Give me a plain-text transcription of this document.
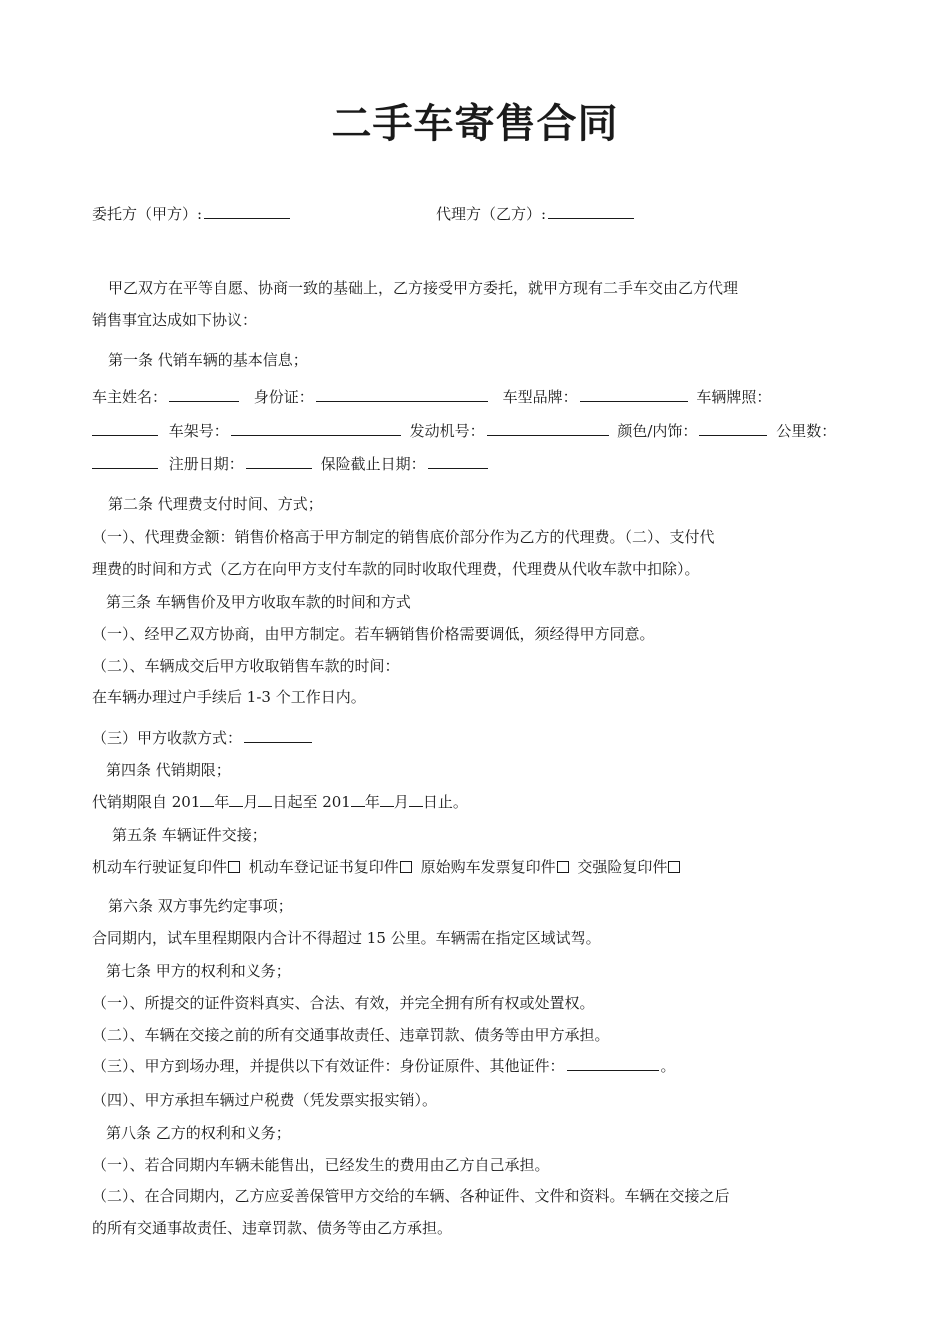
二手车寄售合同
委托方（甲方）:	代理方（乙方）:
甲乙双方在平等自愿、协商一致的基础上，乙方接受甲方委托，就甲方现有二手车交由乙方代理
销售事宜达成如下协议：
第一条 代销车辆的基本信息；
车主姓名：	身份证：	车型品牌：	车辆牌照：
车架号：	发动机号：	颜色/内饰：	公里数：
注册日期：	保险截止日期：
第二条 代理费支付时间、方式；
（一）、代理费金额：销售价格高于甲方制定的销售底价部分作为乙方的代理费。（二）、支付代
理费的时间和方式（乙方在向甲方支付车款的同时收取代理费，代理费从代收车款中扣除）。
第三条 车辆售价及甲方收取车款的时间和方式
（一）、经甲乙双方协商，由甲方制定。若车辆销售价格需要调低，须经得甲方同意。
（二）、车辆成交后甲方收取销售车款的时间：
在车辆办理过户手续后 1-3 个工作日内。
（三）甲方收款方式：
第四条 代销期限；
代销期限自 201 年 月 日起至 201 年 月 日止。
第五条 车辆证件交接；
机动车行驶证复印件 机动车登记证书复印件 原始购车发票复印件 交强险复印件
第六条 双方事先约定事项；
合同期内，试车里程期限内合计不得超过 15 公里。车辆需在指定区域试驾。
第七条 甲方的权利和义务；
（一）、所提交的证件资料真实、合法、有效，并完全拥有所有权或处置权。
（二）、车辆在交接之前的所有交通事故责任、违章罚款、债务等由甲方承担。
（三）、甲方到场办理，并提供以下有效证件：身份证原件、其他证件：	。
（四）、甲方承担车辆过户税费（凭发票实报实销）。
第八条 乙方的权利和义务；
（一）、若合同期内车辆未能售出，已经发生的费用由乙方自己承担。
（二）、在合同期内，乙方应妥善保管甲方交给的车辆、各种证件、文件和资料。车辆在交接之后
的所有交通事故责任、违章罚款、债务等由乙方承担。
